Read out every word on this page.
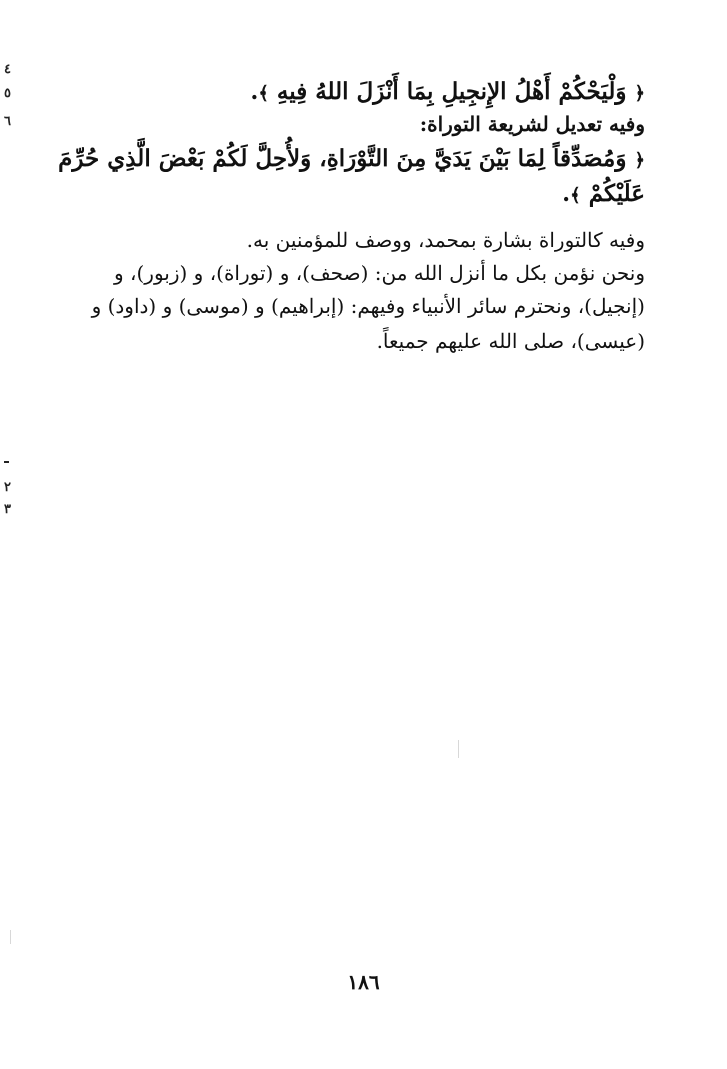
٤
٥
٦
٢
٣
﴿ وَلْيَحْكُمْ أَهْلُ الإِنجِيلِ بِمَا أَنْزَلَ اللهُ فِيهِ ﴾.
وفيه تعديل لشريعة التوراة:
﴿ وَمُصَدِّقاً لِمَا بَيْنَ يَدَيَّ مِنَ التَّوْرَاةِ، وَلأُحِلَّ لَكُمْ بَعْضَ الَّذِي حُرِّمَ
عَلَيْكُمْ ﴾.
وفيه كالتوراة بشارة بمحمد، ووصف للمؤمنين به.
ونحن نؤمن بكل ما أنزل الله من: (صحف)، و (توراة)، و (زبور)، و
(إنجيل)، ونحترم سائر الأنبياء وفيهم: (إبراهيم) و (موسى) و (داود) و
(عيسى)، صلى الله عليهم جميعاً.
١٨٦
